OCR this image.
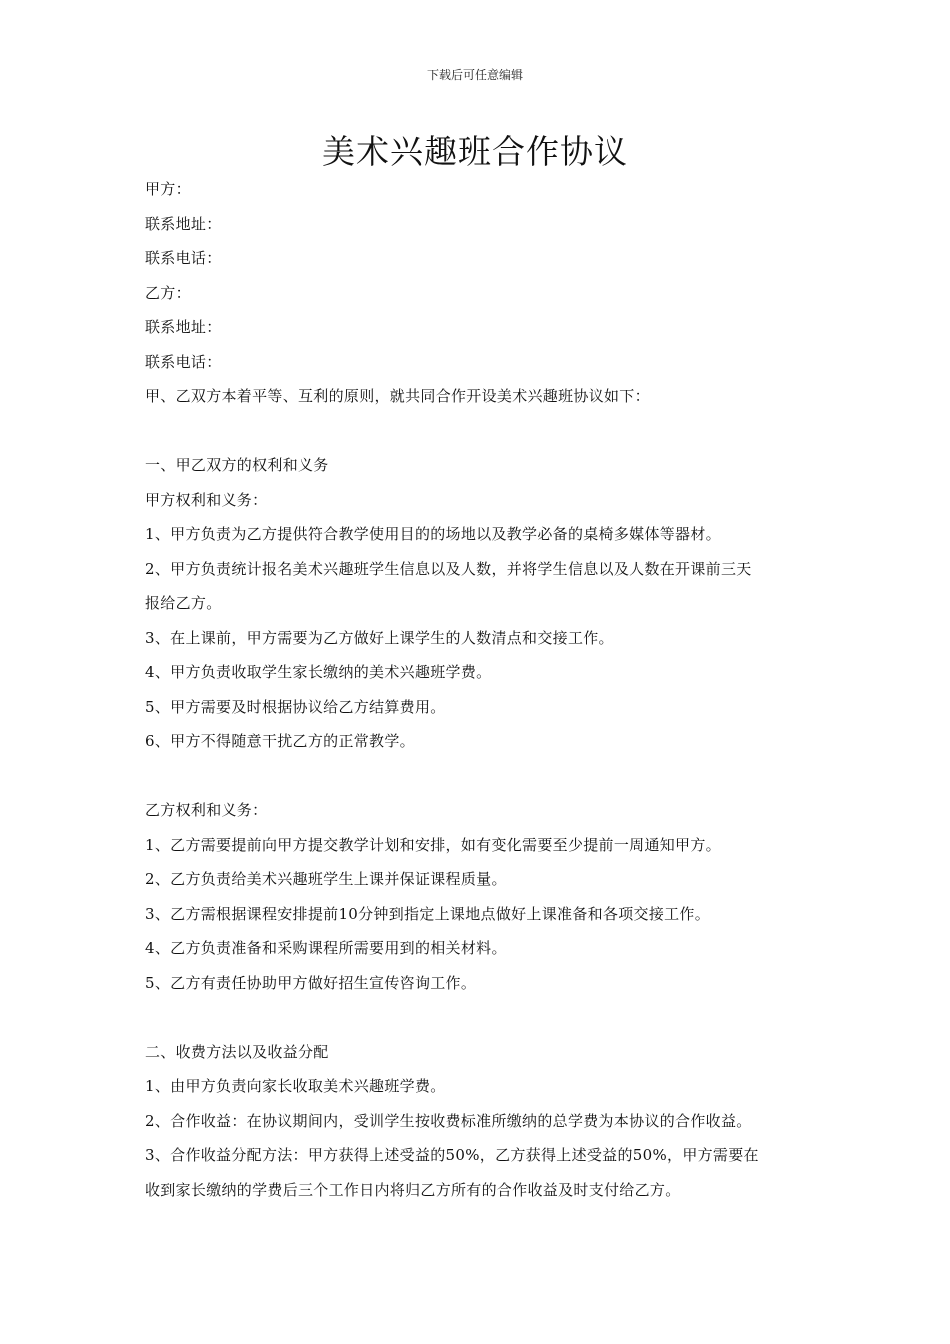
下载后可任意编辑
美术兴趣班合作协议
甲方：
联系地址：
联系电话：
乙方：
联系地址：
联系电话：
甲、乙双方本着平等、互利的原则，就共同合作开设美术兴趣班协议如下：
一、甲乙双方的权利和义务
甲方权利和义务：
1、甲方负责为乙方提供符合教学使用目的的场地以及教学必备的桌椅多媒体等器材。
2、甲方负责统计报名美术兴趣班学生信息以及人数，并将学生信息以及人数在开课前三天
报给乙方。
3、在上课前，甲方需要为乙方做好上课学生的人数清点和交接工作。
4、甲方负责收取学生家长缴纳的美术兴趣班学费。
5、甲方需要及时根据协议给乙方结算费用。
6、甲方不得随意干扰乙方的正常教学。
乙方权利和义务：
1、乙方需要提前向甲方提交教学计划和安排，如有变化需要至少提前一周通知甲方。
2、乙方负责给美术兴趣班学生上课并保证课程质量。
3、乙方需根据课程安排提前10分钟到指定上课地点做好上课准备和各项交接工作。
4、乙方负责准备和采购课程所需要用到的相关材料。
5、乙方有责任协助甲方做好招生宣传咨询工作。
二、收费方法以及收益分配
1、由甲方负责向家长收取美术兴趣班学费。
2、合作收益：在协议期间内，受训学生按收费标准所缴纳的总学费为本协议的合作收益。
3、合作收益分配方法：甲方获得上述受益的50%，乙方获得上述受益的50%，甲方需要在
收到家长缴纳的学费后三个工作日内将归乙方所有的合作收益及时支付给乙方。
